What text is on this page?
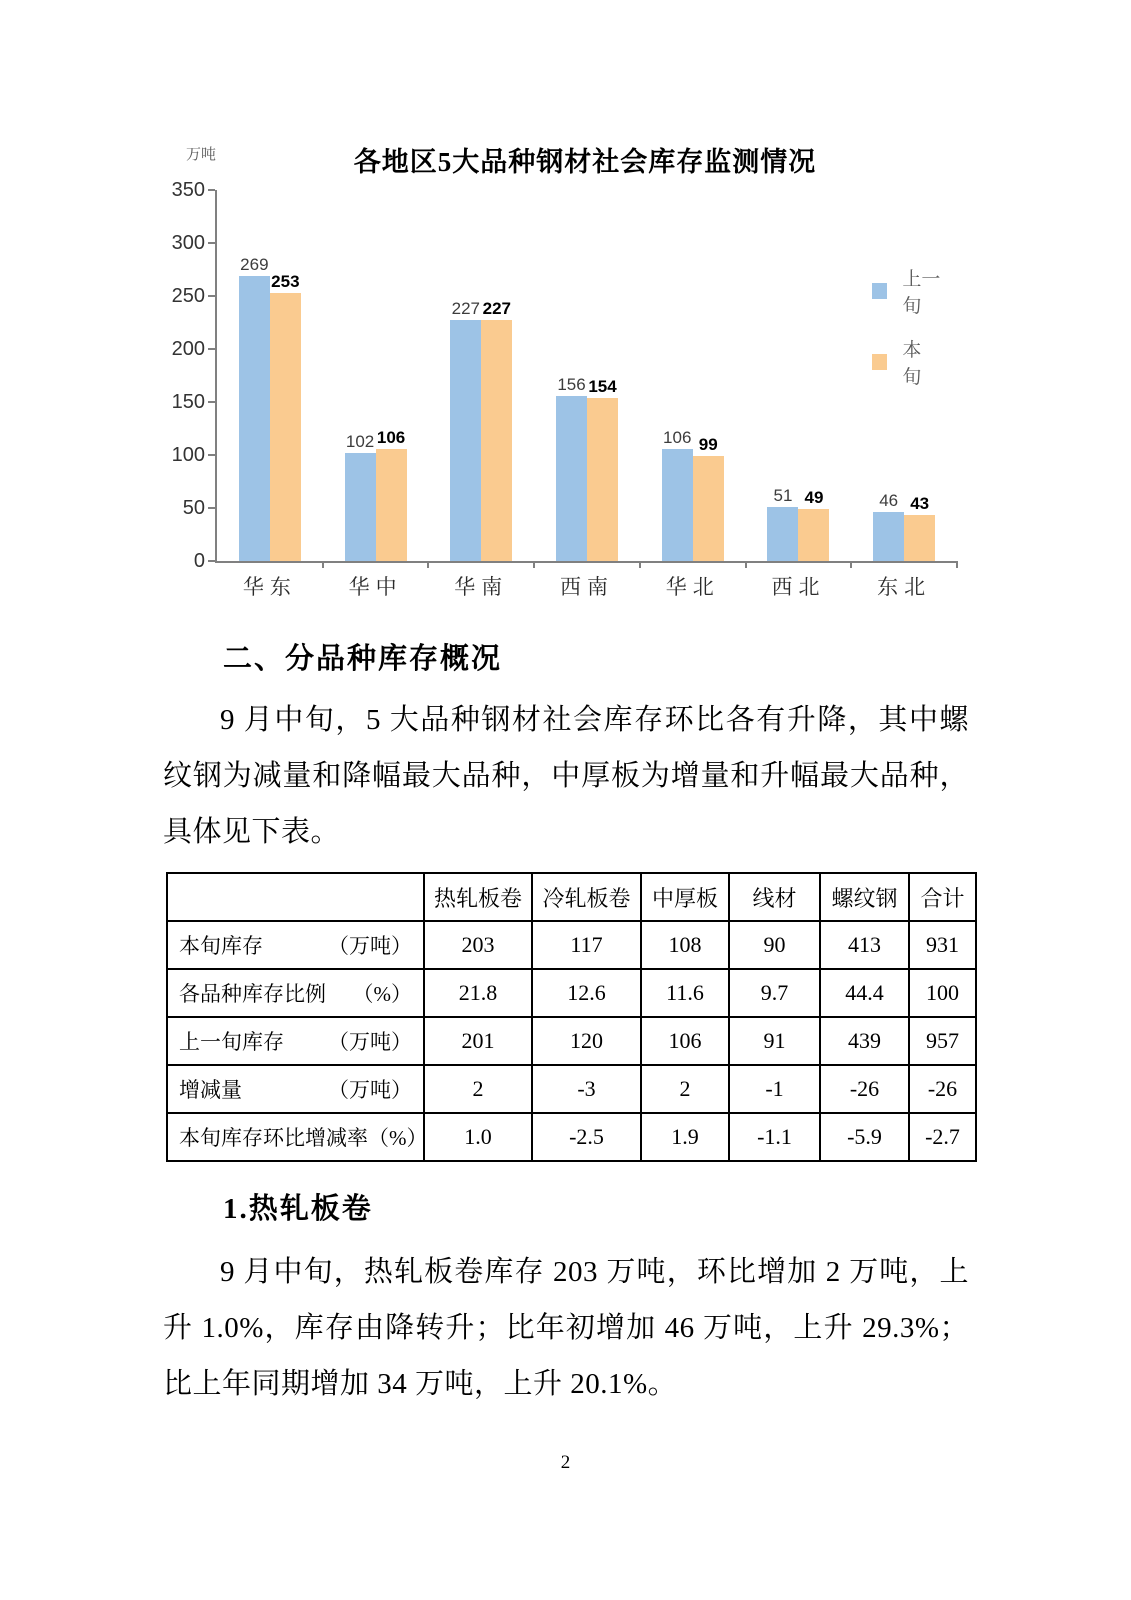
万吨	各地区5大品种钢材社会库存监测情况
350
300
250
200
150
100
50
0
269
253
102 106
227 227
156 154
106 99
51 49	46 43
华东	华中	华南	西南	华北	西北	东北
上一旬
本　旬
二、分品种库存概况

9 月中旬，5 大品种钢材社会库存环比各有升降，其中螺纹钢为减量和降幅最大品种，中厚板为增量和升幅最大品种，具体见下表。

	热轧板卷	冷轧板卷	中厚板	线材	螺纹钢	合计

本旬库存 （万吨）	203	117	108	90	413	931

各品种库存比例 （%）	21.8	12.6	11.6	9.7	44.4	100

上一旬库存 （万吨）	201	120	106	91	439	957

增减量 （万吨）	2	-3	2	-1	-26	-26

本旬库存环比增减率 （%）	1.0	-2.5	1.9	-1.1	-5.9	-2.7
1.热轧板卷

9 月中旬，热轧板卷库存 203 万吨，环比增加 2 万吨，上升 1.0%，库存由降转升；比年初增加 46 万吨，上升 29.3%；比上年同期增加 34 万吨，上升 20.1%。

2
